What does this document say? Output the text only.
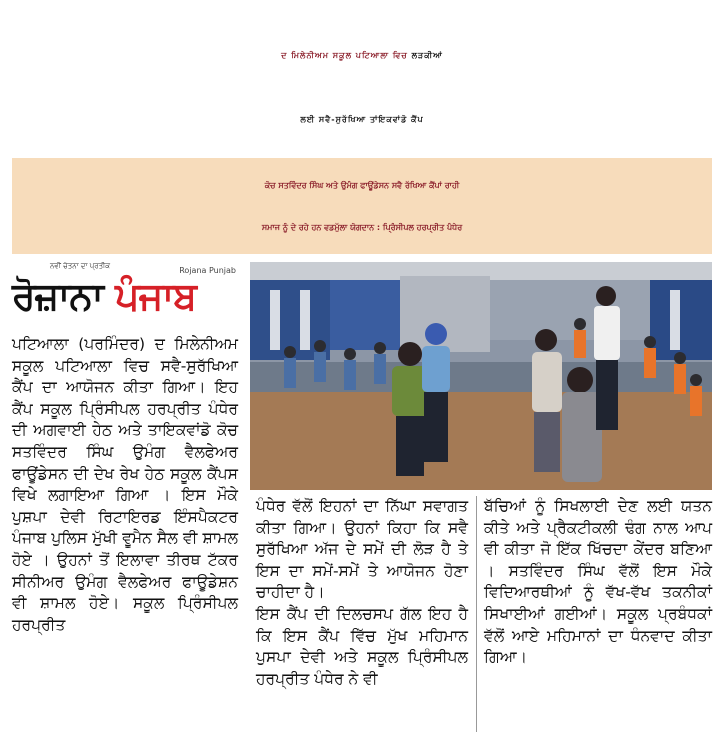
ਦ ਮਿਲੇਨੀਅਮ ਸਕੂਲ ਪਟਿਆਲਾ ਵਿਚ ਲੜਕੀਆਂ
ਲਈ ਸਵੈ-ਸੁਰੱਖਿਆ ਤਾਂਇਕਵਾਂਡੋ ਕੈਂਪ
ਕੋਚ ਸਤਵਿੰਦਰ ਸਿੰਘ ਅਤੇ ਉਮੰਗ ਫਾਊਂਡੇਸਨ ਸਵੈ ਰੱਖਿਆ ਕੈਂਪਾਂ ਰਾਹੀ
ਸਮਾਜ ਨੂੰ ਦੇ ਰਹੇ ਹਨ ਵਡਮੁੱਲਾ ਯੋਗਦਾਨ : ਪ੍ਰਿੰਸੀਪਲ ਹਰਪ੍ਰੀਤ ਪੰਧੇਰ
ਨਵੀਂ ਚੇਤਨਾ ਦਾ ਪ੍ਰਤੀਕ	Rojana Punjab
ਰੋਜ਼ਾਨਾ ਪੰਜਾਬ

ਪਟਿਆਲਾ (ਪਰਮਿੰਦਰ) ਦ ਮਿਲੇਨੀਅਮ ਸਕੂਲ ਪਟਿਆਲਾ ਵਿਚ ਸਵੈ-ਸੁਰੱਖਿਆ ਕੈਂਪ ਦਾ ਆਯੋਜਨ ਕੀਤਾ ਗਿਆ। ਇਹ ਕੈਂਪ ਸਕੂਲ ਪ੍ਰਿੰਸੀਪਲ ਹਰਪ੍ਰੀਤ ਪੰਧੇਰ ਦੀ ਅਗਵਾਈ ਹੇਠ ਅਤੇ ਤਾਇਕਵਾਂਡੋ ਕੋਚ ਸਤਵਿੰਦਰ ਸਿੰਘ ਉਮੰਗ ਵੈਲਫੇਅਰ ਫਾਊਂਡੇਸਨ ਦੀ ਦੇਖ ਰੇਖ ਹੇਠ ਸਕੂਲ ਕੈਂਪਸ ਵਿਖੇ ਲਗਾਇਆ ਗਿਆ । ਇਸ ਮੌਕੇ ਪੁਸ਼ਪਾ ਦੇਵੀ ਰਿਟਾਇਰਡ ਇੰਸਪੈਕਟਰ ਪੰਜਾਬ ਪੁਲਿਸ ਮੁੱਖੀ ਵੂਮੈਨ ਸੈਲ ਵੀ ਸ਼ਾਮਲ ਹੋਏ । ਉਹਨਾਂ ਤੋਂ ਇਲਾਵਾ ਤੀਰਥ ਟੱਕਰ ਸੀਨੀਅਰ ਉਮੰਗ ਵੈਲਫੇਅਰ ਫਾਊਡੇਸ਼ਨ ਵੀ ਸ਼ਾਮਲ ਹੋਏ। ਸਕੂਲ ਪ੍ਰਿੰਸੀਪਲ ਹਰਪ੍ਰੀਤ

ਪੰਧੇਰ ਵੱਲੋਂ ਇਹਨਾਂ ਦਾ ਨਿੱਘਾ ਸਵਾਗਤ ਕੀਤਾ ਗਿਆ। ਉਹਨਾਂ ਕਿਹਾ ਕਿ ਸਵੈ ਸੁਰੱਖਿਆ ਅੱਜ ਦੇ ਸਮੇਂ ਦੀ ਲੋੜ ਹੈ ਤੇ ਇਸ ਦਾ ਸਮੇਂ-ਸਮੇਂ ਤੇ ਆਯੋਜਨ ਹੋਣਾ ਚਾਹੀਦਾ ਹੈ।

ਇਸ ਕੈਂਪ ਦੀ ਦਿਲਚਸਪ ਗੱਲ ਇਹ ਹੈ ਕਿ ਇਸ ਕੈਂਪ ਵਿੱਚ ਮੁੱਖ ਮਹਿਮਾਨ ਪੁਸਪਾ ਦੇਵੀ ਅਤੇ ਸਕੂਲ ਪ੍ਰਿੰਸੀਪਲ ਹਰਪ੍ਰੀਤ ਪੰਧੇਰ ਨੇ ਵੀ

ਬੱਚਿਆਂ ਨੂੰ ਸਿਖਲਾਈ ਦੇਣ ਲਈ ਯਤਨ ਕੀਤੇ ਅਤੇ ਪ੍ਰੈਕਟੀਕਲੀ ਢੰਗ ਨਾਲ ਆਪ ਵੀ ਕੀਤਾ ਜੋ ਇੱਕ ਖਿੱਚਦਾ ਕੇਂਦਰ ਬਣਿਆ । ਸਤਵਿੰਦਰ ਸਿੰਘ ਵੱਲੋਂ ਇਸ ਮੌਕੇ ਵਿਦਿਆਰਥੀਆਂ ਨੂੰ ਵੱਖ-ਵੱਖ ਤਕਨੀਕਾਂ ਸਿਖਾਈਆਂ ਗਈਆਂ। ਸਕੂਲ ਪ੍ਰਬੰਧਕਾਂ ਵੱਲੋਂ ਆਏ ਮਹਿਮਾਨਾਂ ਦਾ ਧੰਨਵਾਦ ਕੀਤਾ ਗਿਆ।
